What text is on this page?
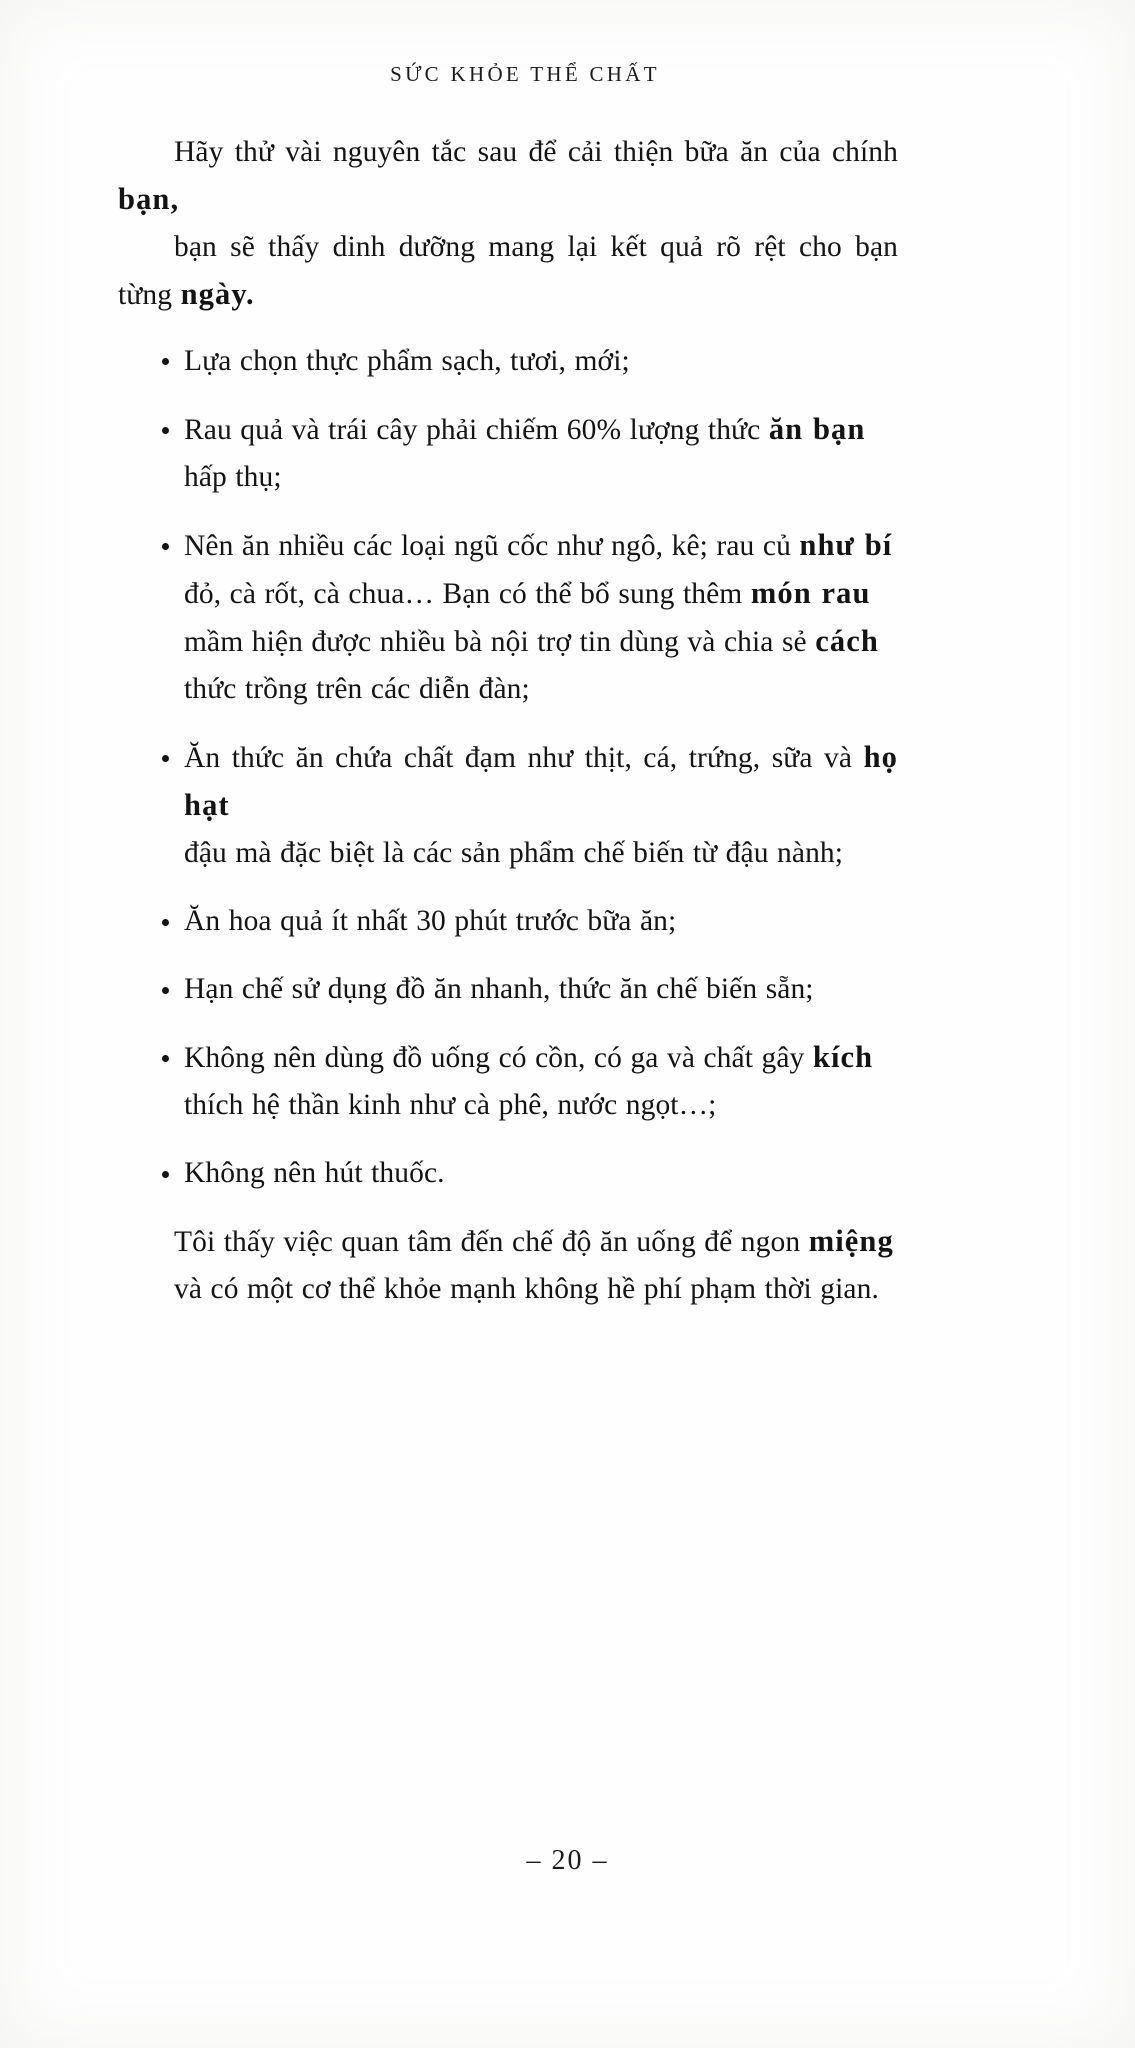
SỨC KHỎE THỂ CHẤT

Hãy thử vài nguyên tắc sau để cải thiện bữa ăn của chính bạn,
bạn sẽ thấy dinh dưỡng mang lại kết quả rõ rệt cho bạn từng ngày.

Lựa chọn thực phẩm sạch, tươi, mới;
Rau quả và trái cây phải chiếm 60% lượng thức ăn bạn
hấp thụ;
Nên ăn nhiều các loại ngũ cốc như ngô, kê; rau củ như bí
đỏ, cà rốt, cà chua… Bạn có thể bổ sung thêm món rau
mầm hiện được nhiều bà nội trợ tin dùng và chia sẻ cách
thức trồng trên các diễn đàn;
Ăn thức ăn chứa chất đạm như thịt, cá, trứng, sữa và họ hạt
đậu mà đặc biệt là các sản phẩm chế biến từ đậu nành;
Ăn hoa quả ít nhất 30 phút trước bữa ăn;
Hạn chế sử dụng đồ ăn nhanh, thức ăn chế biến sẵn;
Không nên dùng đồ uống có cồn, có ga và chất gây kích
thích hệ thần kinh như cà phê, nước ngọt…;
Không nên hút thuốc.

Tôi thấy việc quan tâm đến chế độ ăn uống để ngon miệng
và có một cơ thể khỏe mạnh không hề phí phạm thời gian.

– 20 –
